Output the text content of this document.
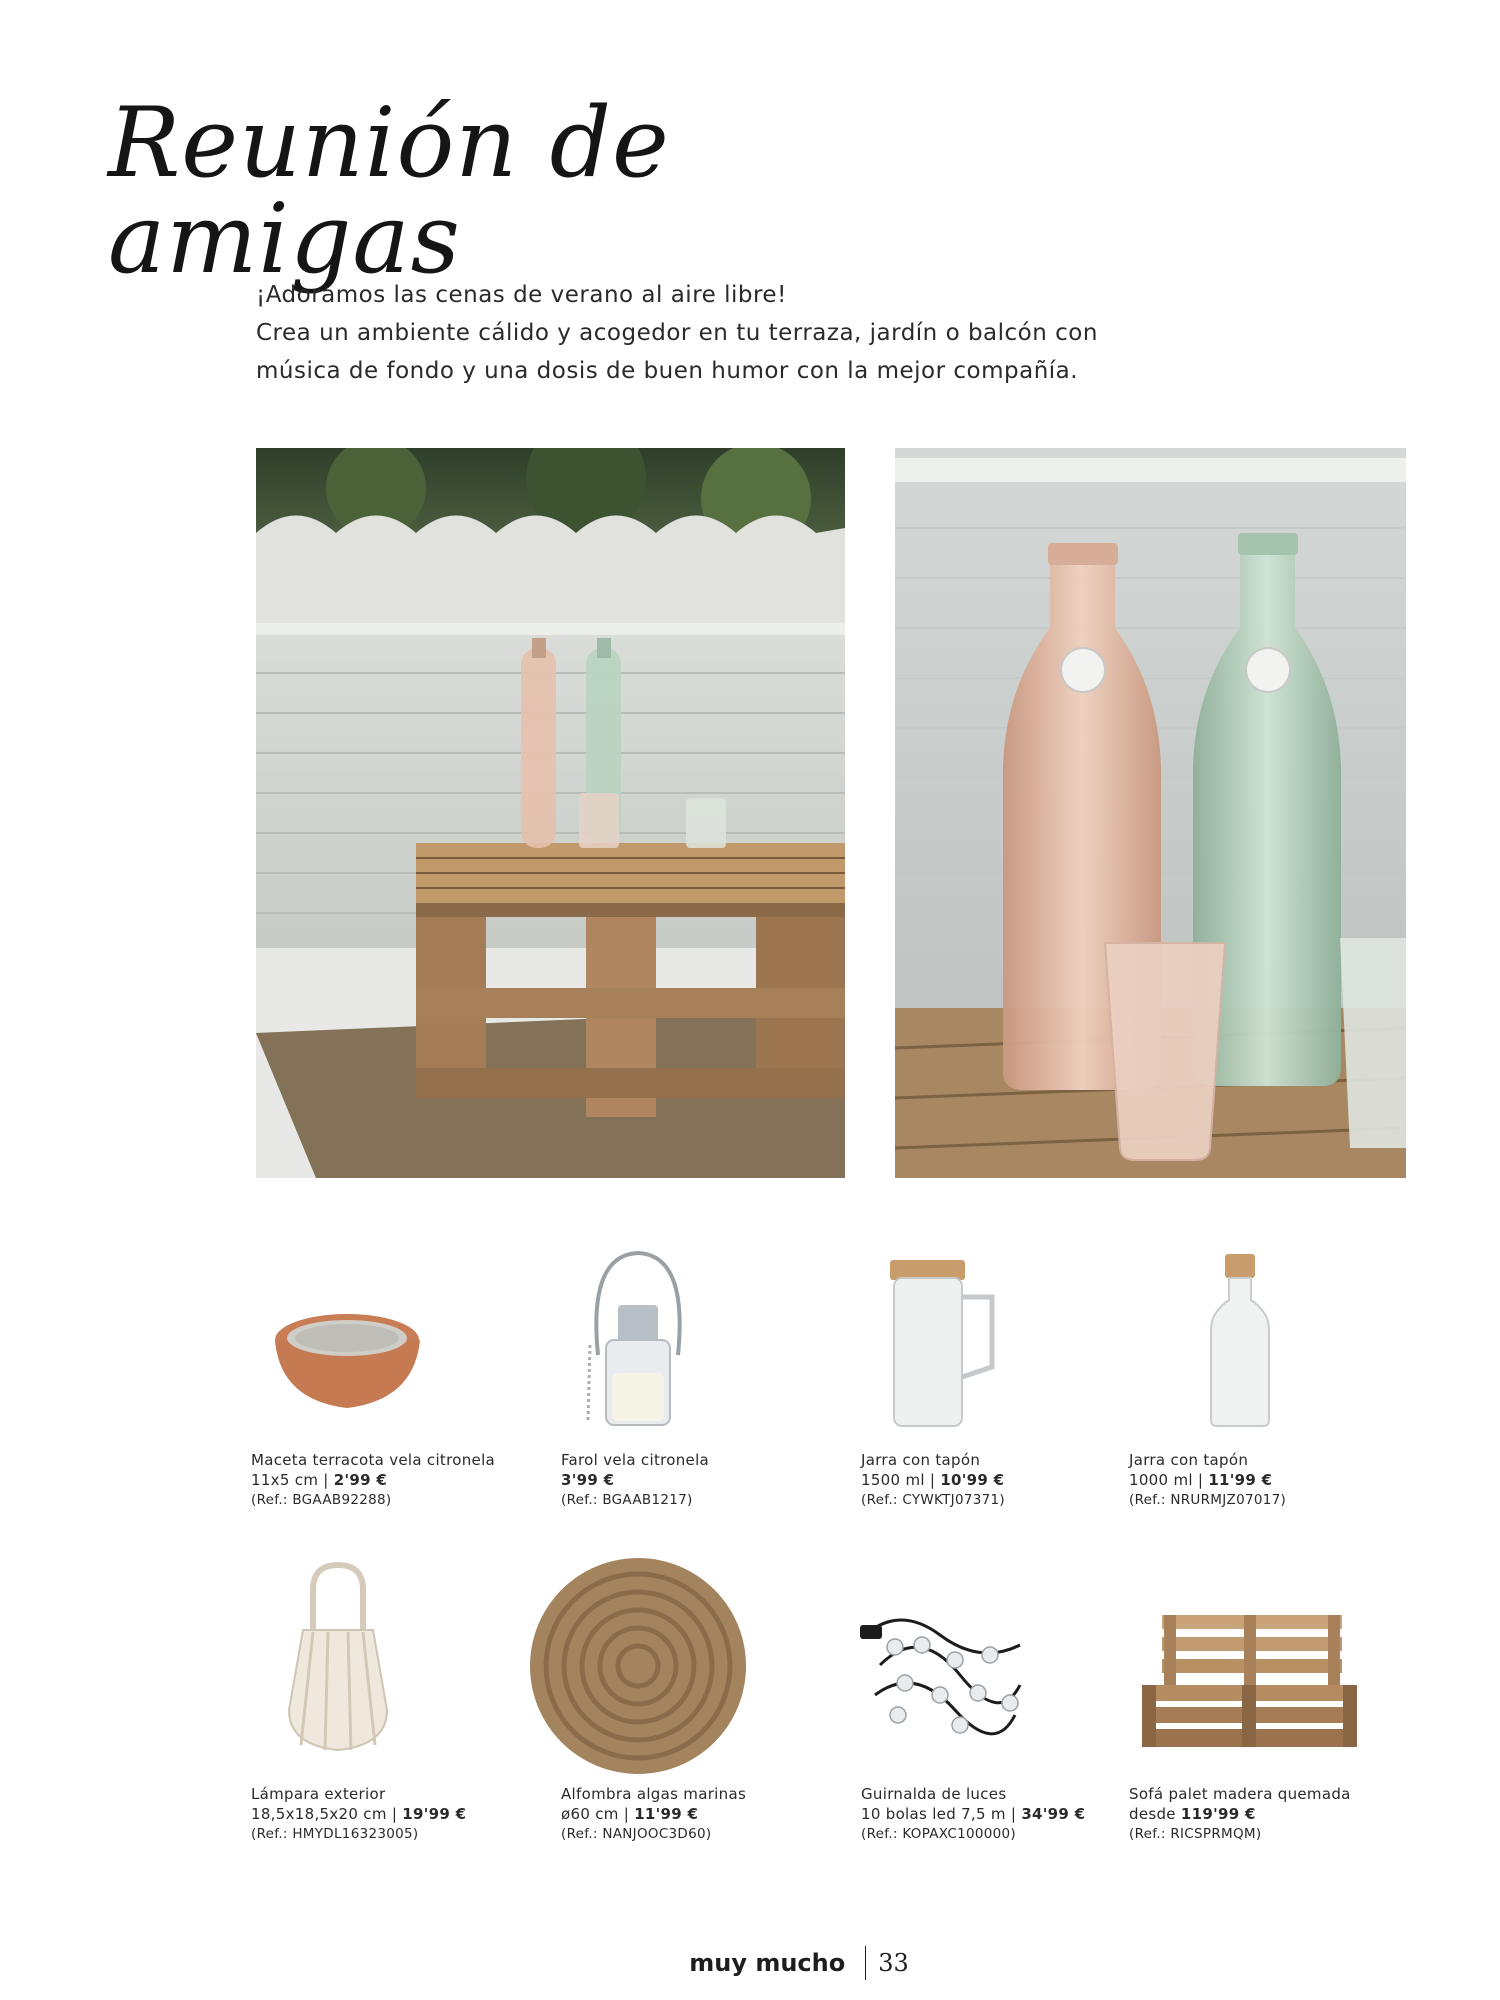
Reunión de amigas

¡Adoramos las cenas de verano al aire libre!

Crea un ambiente cálido y acogedor en tu terraza, jardín o balcón con

música de fondo y una dosis de buen humor con la mejor compañía.

Maceta terracota vela citronela
11x5 cm | 2'99 €
(Ref.: BGAAB92288)
Farol vela citronela
3'99 €
(Ref.: BGAAB1217)
Jarra con tapón
1500 ml | 10'99 €
(Ref.: CYWKTJ07371)
Jarra con tapón
1000 ml | 11'99 €
(Ref.: NRURMJZ07017)
Lámpara exterior
18,5x18,5x20 cm | 19'99 €
(Ref.: HMYDL16323005)
Alfombra algas marinas
ø60 cm | 11'99 €
(Ref.: NANJOOC3D60)
Guirnalda de luces
10 bolas led 7,5 m | 34'99 €
(Ref.: KOPAXC100000)
Sofá palet madera quemada
desde 119'99 €
(Ref.: RICSPRMQM)
muy mucho 33
